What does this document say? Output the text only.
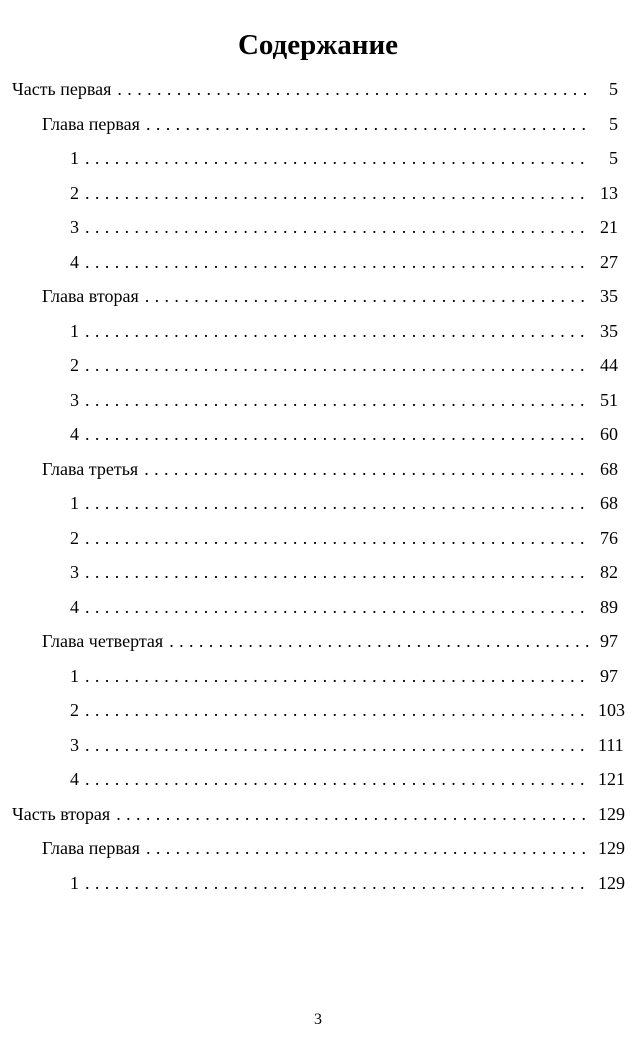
Содержание
Часть первая . . .	5
Глава первая . . .	5
1 . . .	5
2 . . .	13
3 . . .	21
4 . . .	27
Глава вторая . . .	35
1 . . .	35
2 . . .	44
3 . . .	51
4 . . .	60
Глава третья . . .	68
1 . . .	68
2 . . .	76
3 . . .	82
4 . . .	89
Глава четвертая . . .	97
1 . . .	97
2 . . .	103
3 . . .	111
4 . . .	121
Часть вторая . . .	129
Глава первая . . .	129
1 . . .	129
3
